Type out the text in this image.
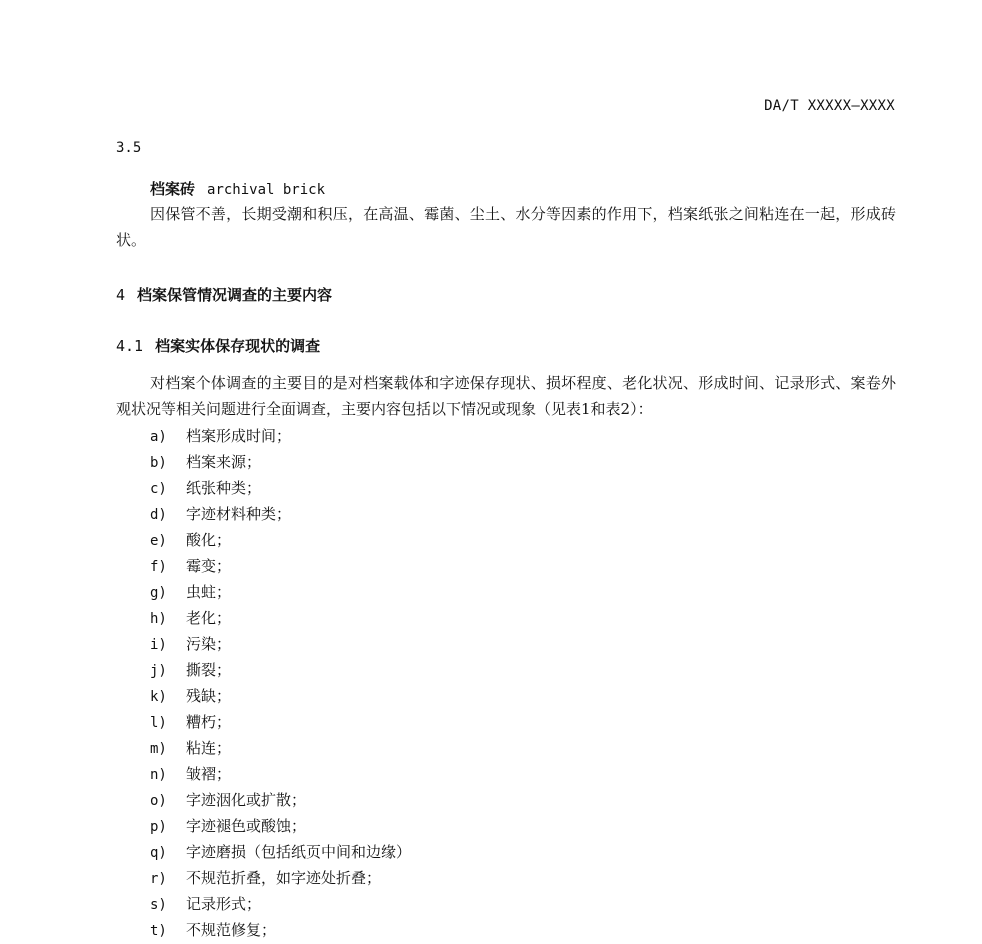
DA/T XXXXX—XXXX
3.5
档案砖 archival brick
因保管不善，长期受潮和积压，在高温、霉菌、尘土、水分等因素的作用下，档案纸张之间粘连在一起，形成砖状。
4 档案保管情况调查的主要内容
4.1 档案实体保存现状的调查
对档案个体调查的主要目的是对档案载体和字迹保存现状、损坏程度、老化状况、形成时间、记录形式、案卷外观状况等相关问题进行全面调查，主要内容包括以下情况或现象（见表1和表2）：
a) 档案形成时间；
b) 档案来源；
c) 纸张种类；
d) 字迹材料种类；
e) 酸化；
f) 霉变；
g) 虫蛀；
h) 老化；
i) 污染；
j) 撕裂；
k) 残缺；
l) 糟朽；
m) 粘连；
n) 皱褶；
o) 字迹洇化或扩散；
p) 字迹褪色或酸蚀；
q) 字迹磨损（包括纸页中间和边缘）
r) 不规范折叠，如字迹处折叠；
s) 记录形式；
t) 不规范修复；
